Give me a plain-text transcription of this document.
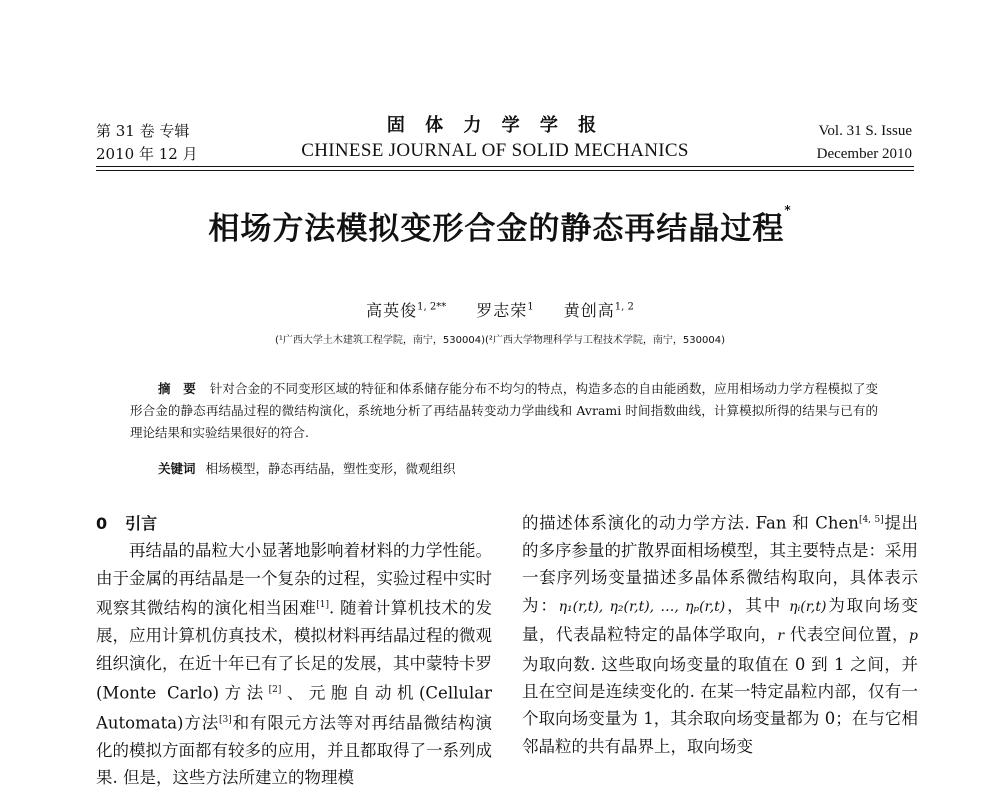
第 31 卷 专辑
2010 年 12 月
固 体 力 学 学 报
CHINESE JOURNAL OF SOLID MECHANICS
Vol. 31 S. Issue
December 2010
相场方法模拟变形合金的静态再结晶过程*
高英俊$^{1, 2**}$ 罗志荣$^1$ 黄创高$^{1, 2}$
(¹广西大学土木建筑工程学院，南宁，530004)(²广西大学物理科学与工程技术学院，南宁，530004)
摘　要 针对合金的不同变形区域的特征和体系储存能分布不均匀的特点，构造多态的自由能函数，应用相场动力学方程模拟了变形合金的静态再结晶过程的微结构演化，系统地分析了再结晶转变动力学曲线和 Avrami 时间指数曲线，计算模拟所得的结果与已有的理论结果和实验结果很好的符合.
关键词 相场模型，静态再结晶，塑性变形，微观组织
0 引言

再结晶的晶粒大小显著地影响着材料的力学性能。由于金属的再结晶是一个复杂的过程，实验过程中实时观察其微结构的演化相当困难[1]. 随着计算机技术的发展，应用计算机仿真技术，模拟材料再结晶过程的微观组织演化，在近十年已有了长足的发展，其中蒙特卡罗(Monte Carlo)方法[2]、元胞自动机(Cellular Automata)方法[3]和有限元方法等对再结晶微结构演化的模拟方面都有较多的应用，并且都取得了一系列成果. 但是，这些方法所建立的物理模

的描述体系演化的动力学方法. Fan 和 Chen[4, 5]提出的多序参量的扩散界面相场模型，其主要特点是：采用一套序列场变量描述多晶体系微结构取向，具体表示为：η₁(r,t), η₂(r,t), …, ηₚ(r,t)，其中 ηᵢ(r,t)为取向场变量，代表晶粒特定的晶体学取向，r 代表空间位置，p 为取向数. 这些取向场变量的取值在 0 到 1 之间，并且在空间是连续变化的. 在某一特定晶粒内部，仅有一个取向场变量为 1，其余取向场变量都为 0；在与它相邻晶粒的共有晶界上，取向场变
